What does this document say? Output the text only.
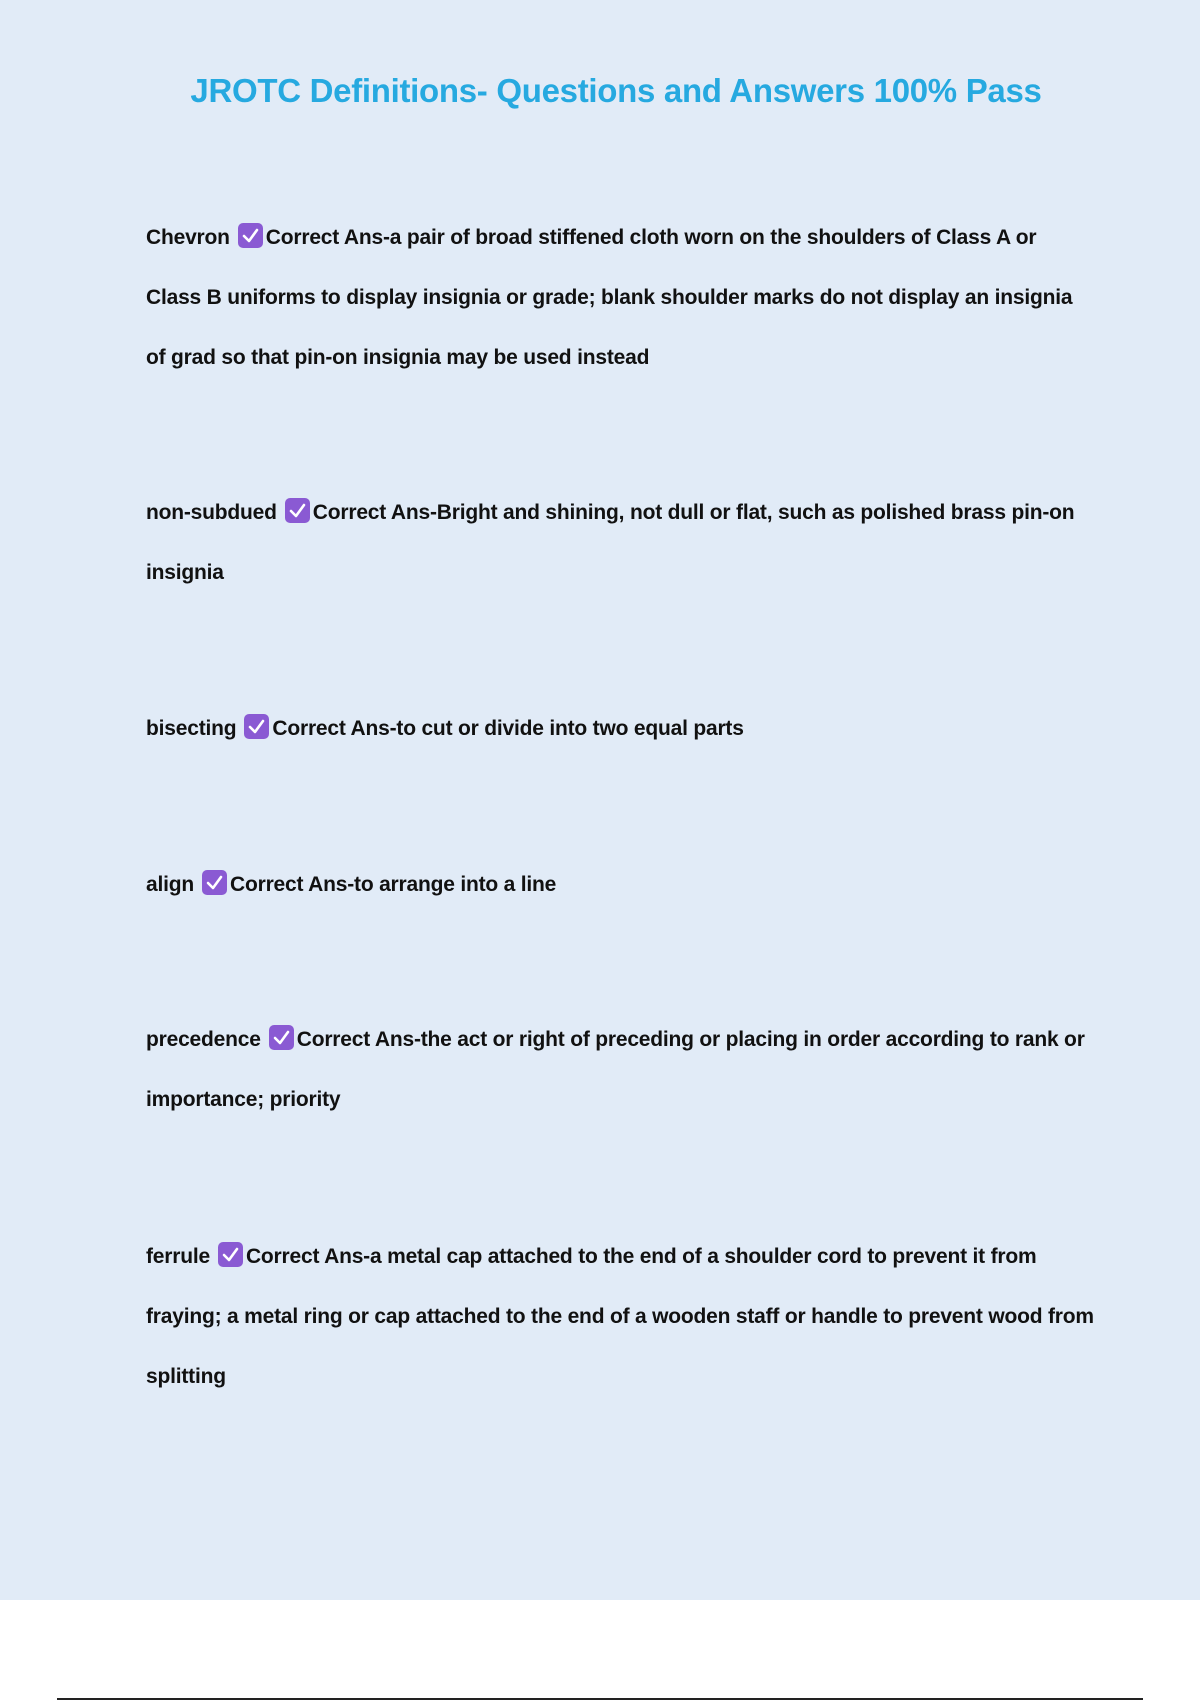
JROTC Definitions- Questions and Answers 100% Pass
Chevron Correct Ans-a pair of broad stiffened cloth worn on the shoulders of Class A or Class B uniforms to display insignia or grade; blank shoulder marks do not display an insignia of grad so that pin-on insignia may be used instead
non-subdued Correct Ans-Bright and shining, not dull or flat, such as polished brass pin-on insignia
bisecting Correct Ans-to cut or divide into two equal parts
align Correct Ans-to arrange into a line
precedence Correct Ans-the act or right of preceding or placing in order according to rank or importance; priority
ferrule Correct Ans-a metal cap attached to the end of a shoulder cord to prevent it from fraying; a metal ring or cap attached to the end of a wooden staff or handle to prevent wood from splitting
